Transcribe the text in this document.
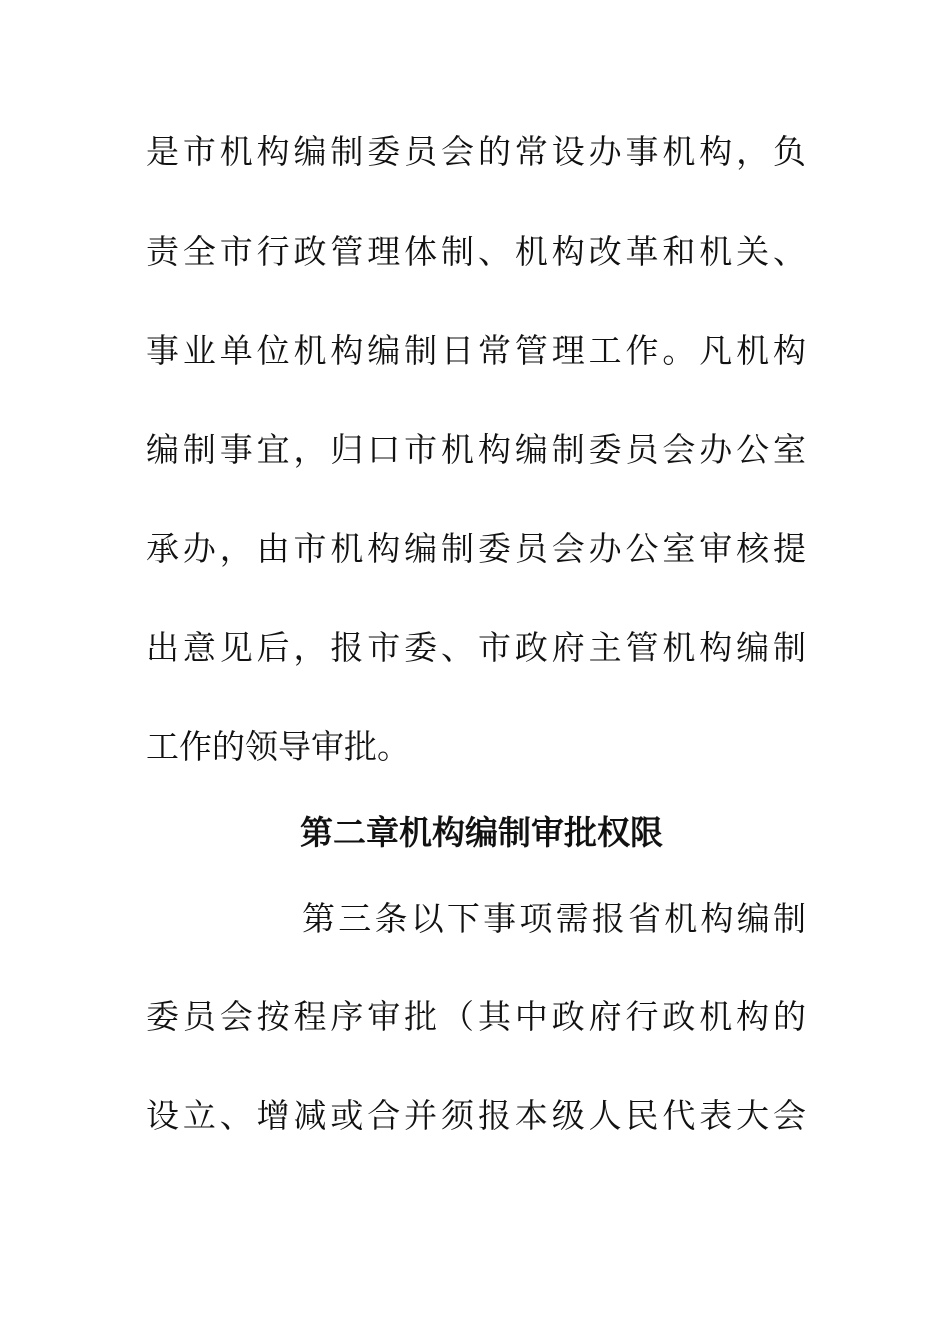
是市机构编制委员会的常设办事机构，负

责全市行政管理体制、机构改革和机关、

事业单位机构编制日常管理工作。凡机构

编制事宜，归口市机构编制委员会办公室

承办，由市机构编制委员会办公室审核提

出意见后，报市委、市政府主管机构编制

工作的领导审批。

第二章机构编制审批权限

第三条以下事项需报省机构编制

委员会按程序审批（其中政府行政机构的

设立、增减或合并须报本级人民代表大会
